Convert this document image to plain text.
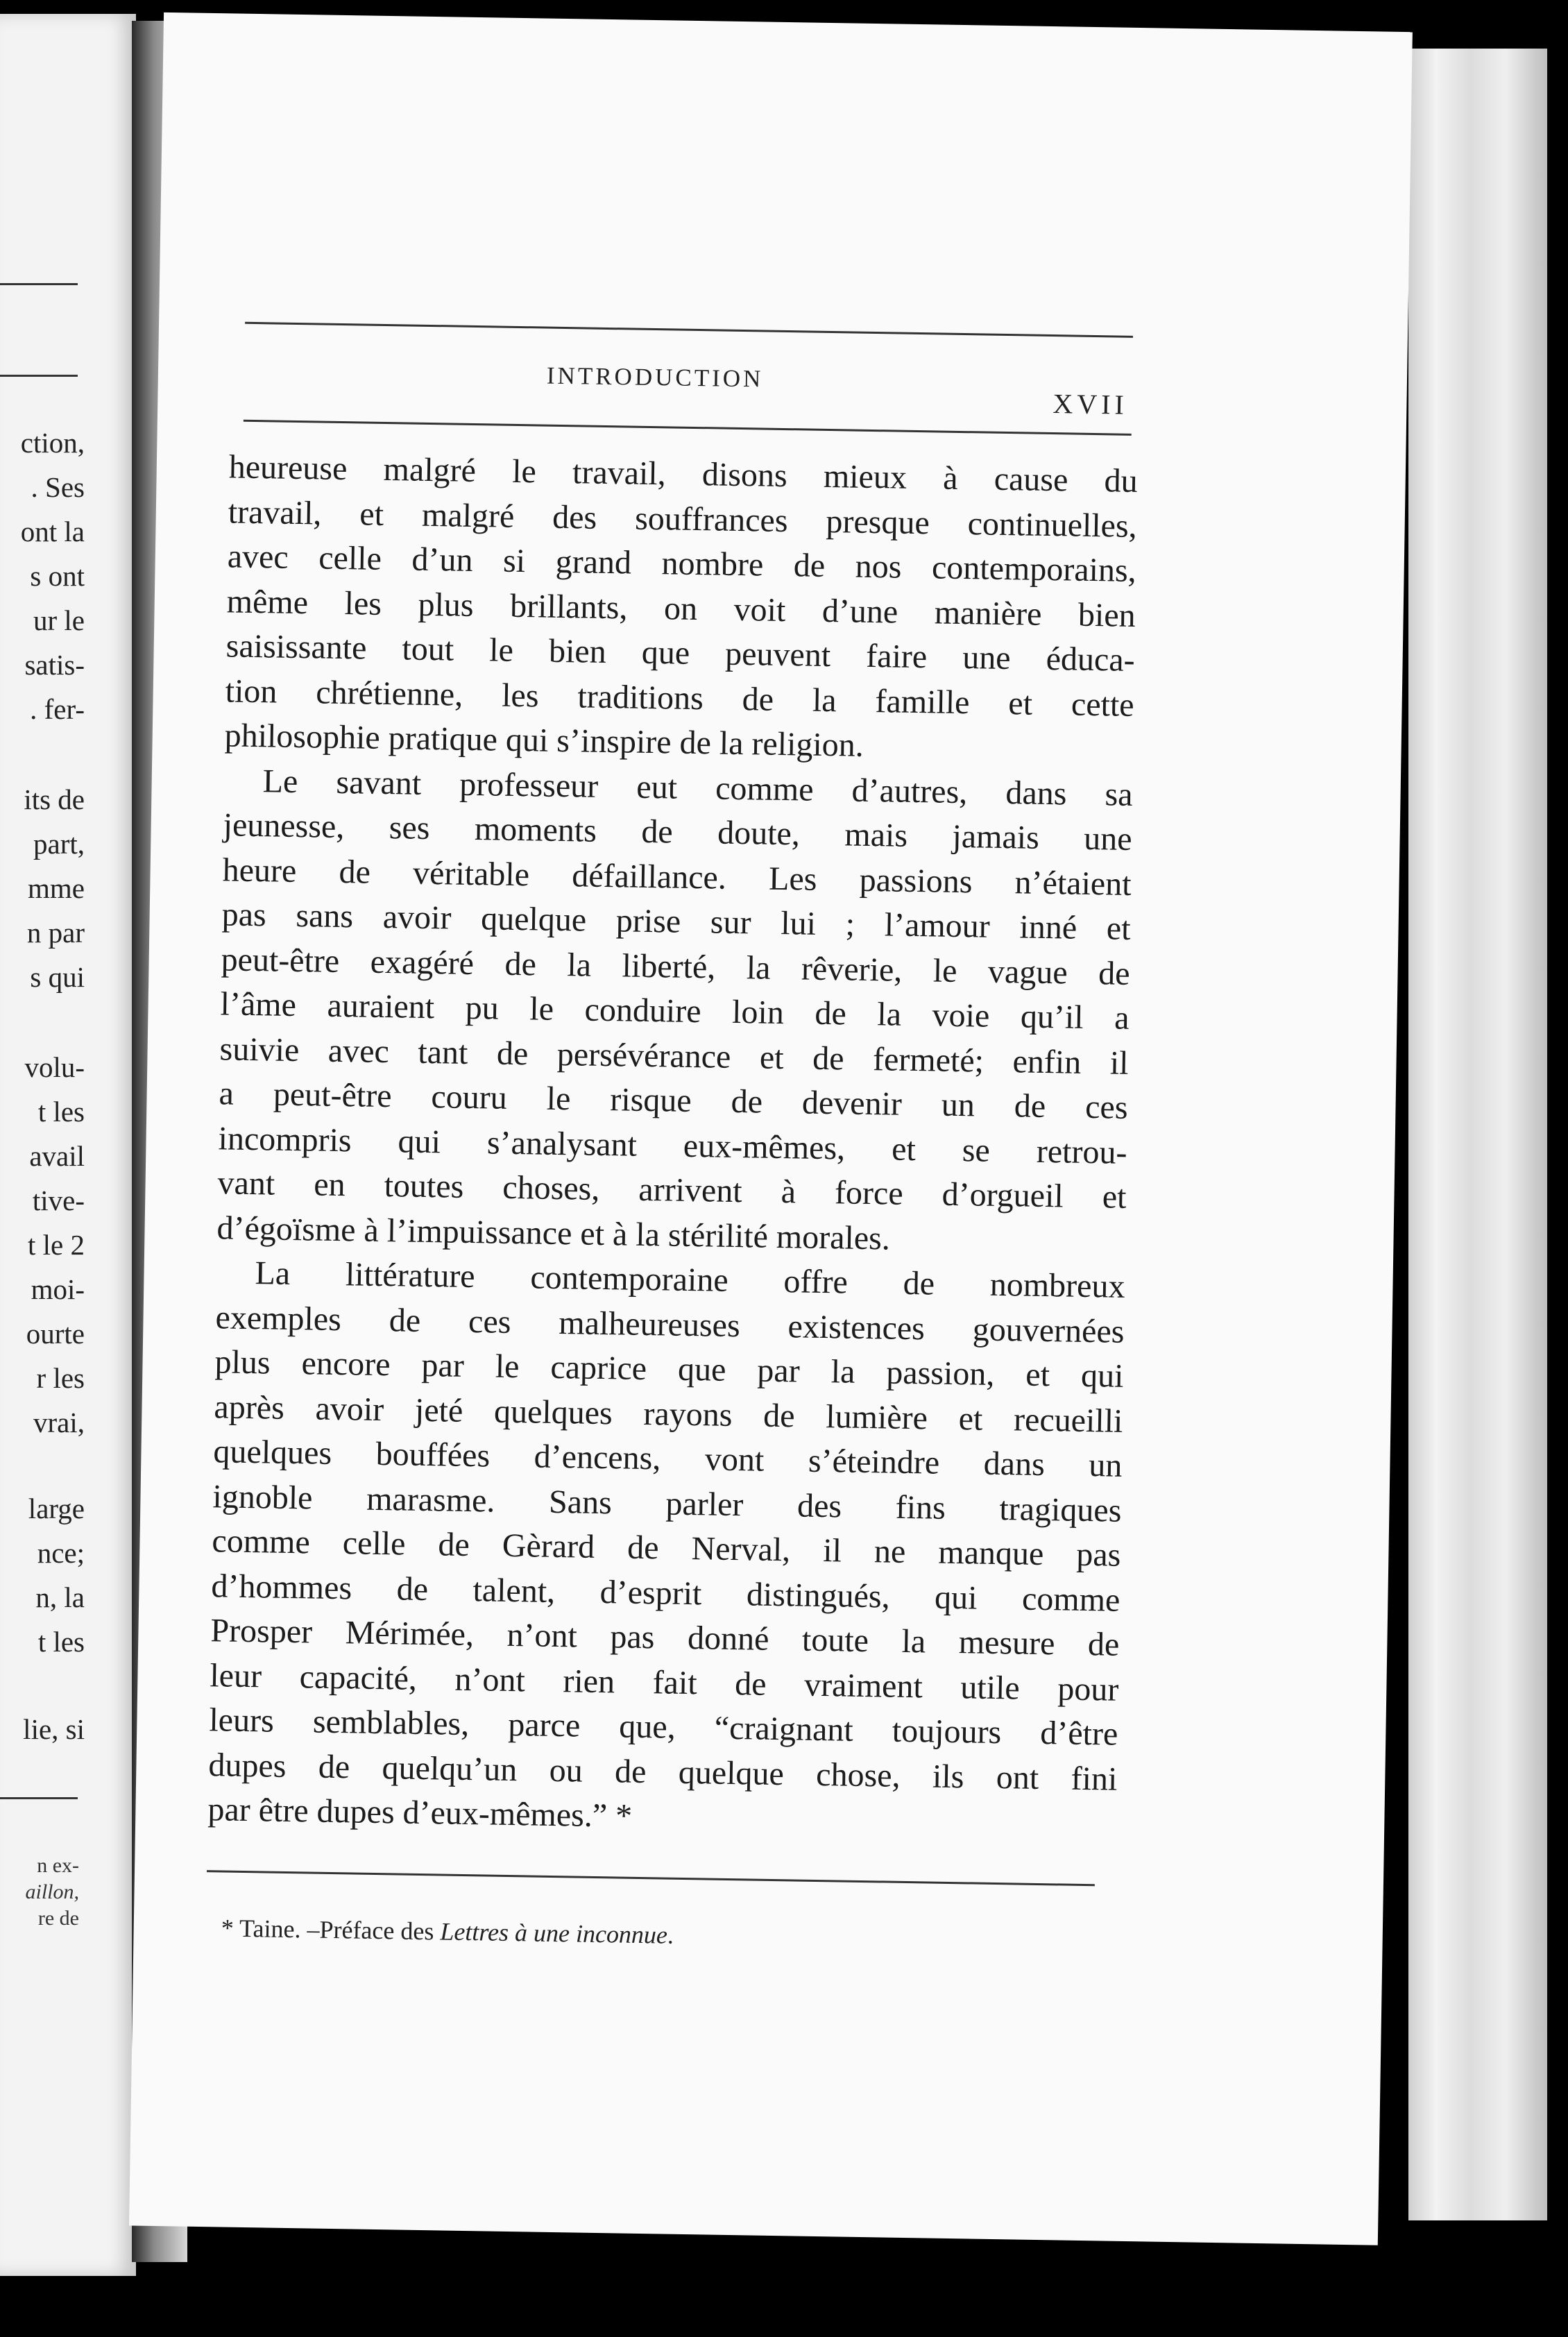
ction,
. Ses
ont la
s ont
ur le
satis-
. fer-
its de
part,
mme
n par
s qui
volu-
t les
avail
tive-
t le 2
moi-
ourte
r les
vrai,
large
nce;
n, la
t les
lie, si
n ex-
aillon,
re de
INTRODUCTION
XVII
heureuse malgré le travail, disons mieux à cause du
travail, et malgré des souffrances presque continuelles,
avec celle d’un si grand nombre de nos contemporains,
même les plus brillants, on voit d’une manière bien
saisissante tout le bien que peuvent faire une éduca-
tion chrétienne, les traditions de la famille et cette
philosophie pratique qui s’inspire de la religion.
Le savant professeur eut comme d’autres, dans sa
jeunesse, ses moments de doute, mais jamais une
heure de véritable défaillance. Les passions n’étaient
pas sans avoir quelque prise sur lui ; l’amour inné et
peut-être exagéré de la liberté, la rêverie, le vague de
l’âme auraient pu le conduire loin de la voie qu’il a
suivie avec tant de persévérance et de fermeté; enfin il
a peut-être couru le risque de devenir un de ces
incompris qui s’analysant eux-mêmes, et se retrou-
vant en toutes choses, arrivent à force d’orgueil et
d’égoïsme à l’impuissance et à la stérilité morales.
La littérature contemporaine offre de nombreux
exemples de ces malheureuses existences gouvernées
plus encore par le caprice que par la passion, et qui
après avoir jeté quelques rayons de lumière et recueilli
quelques bouffées d’encens, vont s’éteindre dans un
ignoble marasme. Sans parler des fins tragiques
comme celle de Gèrard de Nerval, il ne manque pas
d’hommes de talent, d’esprit distingués, qui comme
Prosper Mérimée, n’ont pas donné toute la mesure de
leur capacité, n’ont rien fait de vraiment utile pour
leurs semblables, parce que, “craignant toujours d’être
dupes de quelqu’un ou de quelque chose, ils ont fini
par être dupes d’eux-mêmes.” *
* Taine. –Préface des Lettres à une inconnue.
